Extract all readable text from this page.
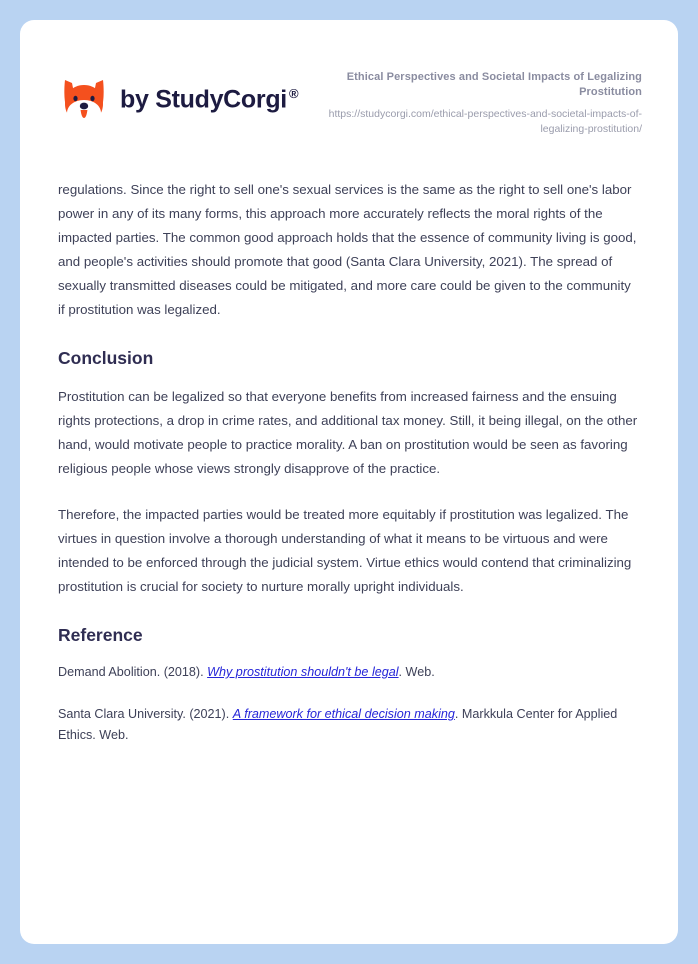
by StudyCorgi ®

Ethical Perspectives and Societal Impacts of Legalizing Prostitution

https://studycorgi.com/ethical-perspectives-and-societal-impacts-of-legalizing-prostitution/

regulations. Since the right to sell one's sexual services is the same as the right to sell one's labor power in any of its many forms, this approach more accurately reflects the moral rights of the impacted parties. The common good approach holds that the essence of community living is good, and people's activities should promote that good (Santa Clara University, 2021). The spread of sexually transmitted diseases could be mitigated, and more care could be given to the community if prostitution was legalized.

Conclusion

Prostitution can be legalized so that everyone benefits from increased fairness and the ensuing rights protections, a drop in crime rates, and additional tax money. Still, it being illegal, on the other hand, would motivate people to practice morality. A ban on prostitution would be seen as favoring religious people whose views strongly disapprove of the practice.

Therefore, the impacted parties would be treated more equitably if prostitution was legalized. The virtues in question involve a thorough understanding of what it means to be virtuous and were intended to be enforced through the judicial system. Virtue ethics would contend that criminalizing prostitution is crucial for society to nurture morally upright individuals.

Reference

Demand Abolition. (2018). Why prostitution shouldn't be legal. Web.

Santa Clara University. (2021). A framework for ethical decision making. Markkula Center for Applied Ethics. Web.
